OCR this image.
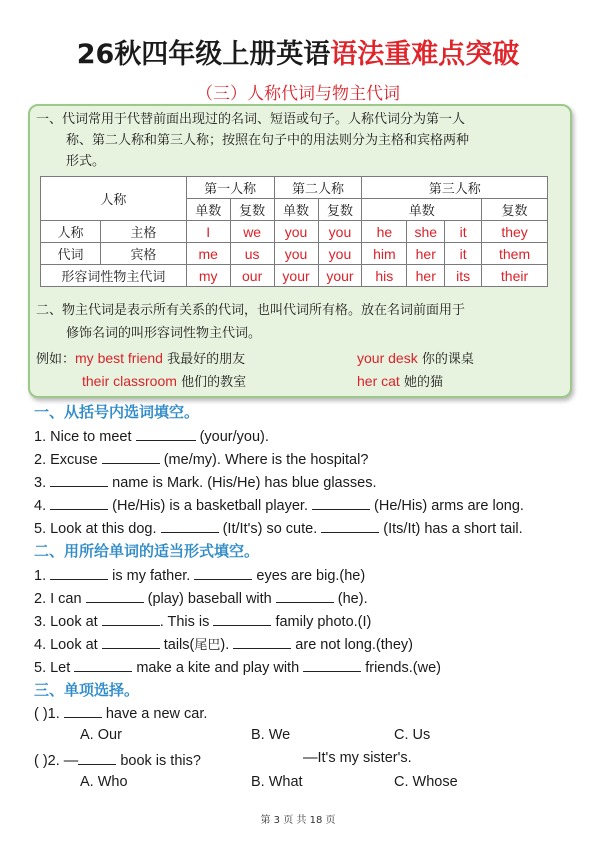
26秋四年级上册英语语法重难点突破
（三）人称代词与物主代词
一、代词常用于代替前面出现过的名词、短语或句子。人称代词分为第一人
称、第二人称和第三人称；按照在句子中的用法则分为主格和宾格两种
形式。
人称		第一人称		第二人称		第三人称			
		单数	复数	单数	复数	单数			复数
人称	主格	I	we	you	you	he	she	it	they
代词	宾格	me	us	you	you	him	her	it	them
形容词性物主代词		my	our	your	your	his	her	its	their
二、物主代词是表示所有关系的代词，也叫代词所有格。放在名词前面用于
修饰名词的叫形容词性物主代词。
例如：my best friend 我最好的朋友	your desk 你的课桌
their classroom 他们的教室	her cat 她的猫
一、从括号内选词填空。
1. Nice to meet	(your/you).
2. Excuse	(me/my). Where is the hospital?
3.	name is Mark. (His/He) has blue glasses.
4.	(He/His) is a basketball player.	(He/His) arms are long.
5. Look at this dog.	(It/It's) so cute.	(Its/It) has a short tail.
二、用所给单词的适当形式填空。
1.	is my father.	eyes are big.(he)
2. I can	(play) baseball with	(he).
3. Look at	. This is	family photo.(I)
4. Look at	tails(尾巴).	are not long.(they)
5. Let	make a kite and play with	friends.(we)
三、单项选择。
( )1.	have a new car.
A. Our	B. We	C. Us
( )2. —	book is this?	—It's my sister's.
A. Who	B. What	C. Whose
第 3 页 共 18 页
